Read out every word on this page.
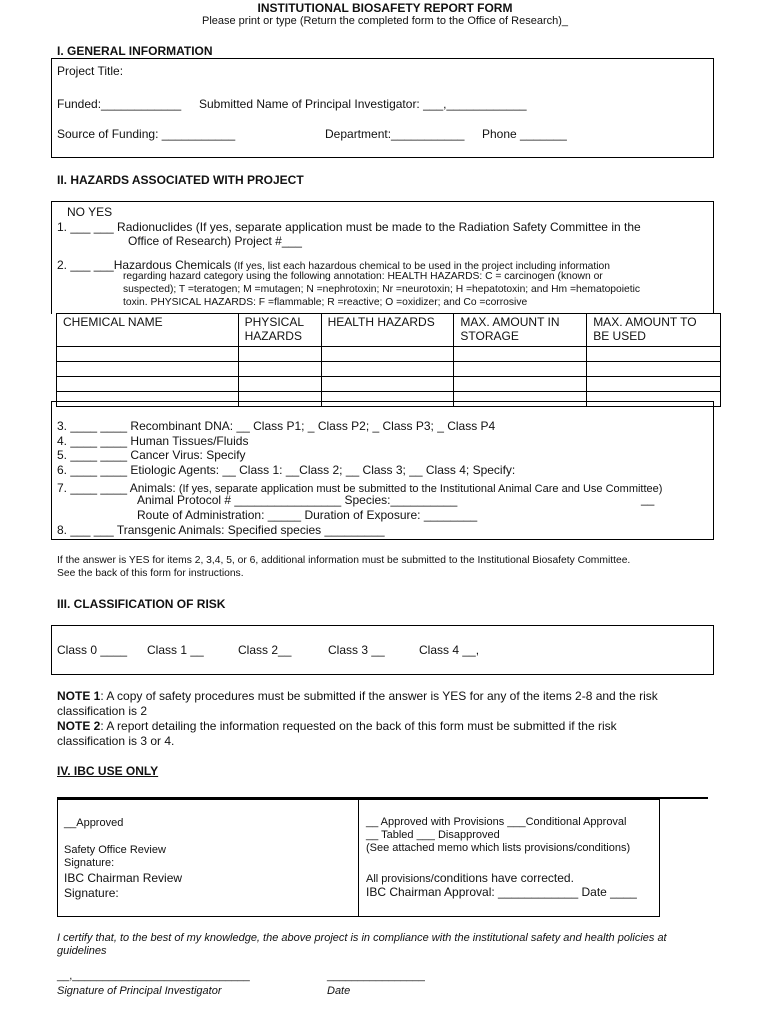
INSTITUTIONAL BIOSAFETY REPORT FORM
Please print or type (Return the completed form to the Office of Research)_
I. GENERAL INFORMATION
Project Title:
Funded:____________ Submitted Name of Principal Investigator: ___,____________
Source of Funding: ___________	Department:___________ Phone _______
II. HAZARDS ASSOCIATED WITH PROJECT
NO YES
1. ___ ___ Radionuclides (If yes, separate application must be made to the Radiation Safety Committee in the
Office of Research) Project #___
2. ___ ___Hazardous Chemicals (If yes, list each hazardous chemical to be used in the project including information
regarding hazard category using the following annotation: HEALTH HAZARDS: C = carcinogen (known or
suspected); T =teratogen; M =mutagen; N =nephrotoxin; Nr =neurotoxin; H =hepatotoxin; and Hm =hematopoietic
toxin. PHYSICAL HAZARDS: F =flammable; R =reactive; O =oxidizer; and Co =corrosive
CHEMICAL NAME	PHYSICAL HAZARDS	HEALTH HAZARDS	MAX. AMOUNT IN STORAGE	MAX. AMOUNT TO BE USED

3. ____ ____ Recombinant DNA: __ Class P1; _ Class P2; _ Class P3; _ Class P4
4. ____ ____ Human Tissues/Fluids
5. ____ ____ Cancer Virus: Specify
6. ____ ____ Etiologic Agents: __ Class 1: __Class 2; __ Class 3; __ Class 4; Specify:
7. ____ ____ Animals: (If yes, separate application must be submitted to the Institutional Animal Care and Use Committee)
Animal Protocol # ________________ Species:__________	__
Route of Administration: _____ Duration of Exposure: ________
8. ___ ___ Transgenic Animals: Specified species _________
If the answer is YES for items 2, 3,4, 5, or 6, additional information must be submitted to the Institutional Biosafety Committee.
See the back of this form for instructions.
III. CLASSIFICATION OF RISK
Class 0 ____ Class 1 __	Class 2__	Class 3 __	Class 4 __,
NOTE 1: A copy of safety procedures must be submitted if the answer is YES for any of the items 2-8 and the risk
classification is 2
NOTE 2: A report detailing the information requested on the back of this form must be submitted if the risk
classification is 3 or 4.
IV. IBC USE ONLY
__Approved
Safety Office Review
Signature:
IBC Chairman Review
Signature:
__ Approved with Provisions ___Conditional Approval
__ Tabled ___ Disapproved
(See attached memo which lists provisions/conditions)
All provisions/conditions have corrected.
IBC Chairman Approval: ____________ Date ____
I certify that, to the best of my knowledge, the above project is in compliance with the institutional safety and health policies at
guidelines
__,_____________________________	________________
Signature of Principal Investigator	Date
